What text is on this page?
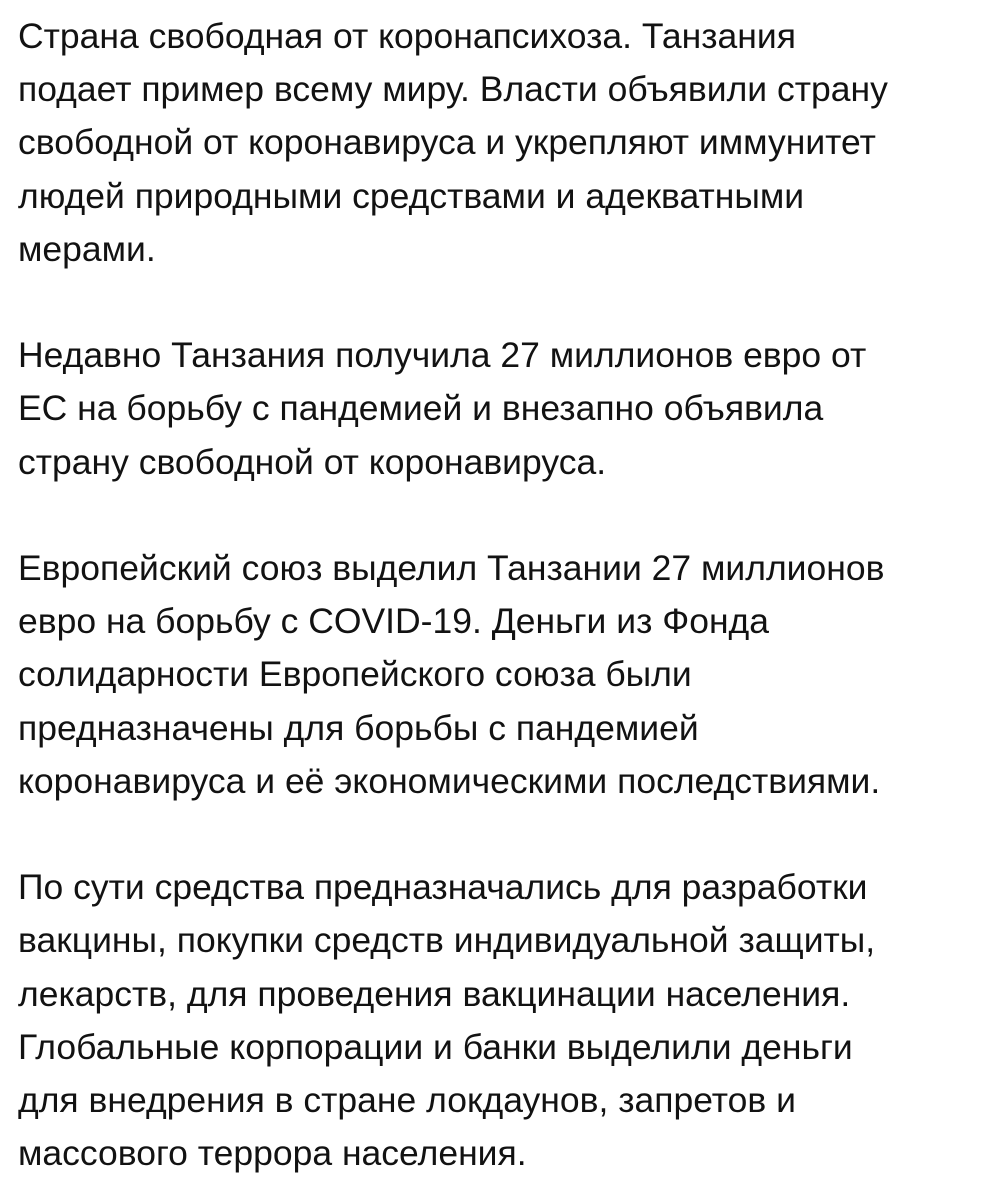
Страна свободная от коронапсихоза. Танзания
подает пример всему миру. Власти объявили страну
свободной от коронавируса и укрепляют иммунитет
людей природными средствами и адекватными
мерами.

Недавно Танзания получила 27 миллионов евро от
ЕС на борьбу с пандемией и внезапно объявила
страну свободной от коронавируса.

Европейский союз выделил Танзании 27 миллионов
евро на борьбу с COVID-19. Деньги из Фонда
солидарности Европейского союза были
предназначены для борьбы с пандемией
коронавируса и её экономическими последствиями.

По сути средства предназначались для разработки
вакцины, покупки средств индивидуальной защиты,
лекарств, для проведения вакцинации населения.
Глобальные корпорации и банки выделили деньги
для внедрения в стране локдаунов, запретов и
массового террора населения.
